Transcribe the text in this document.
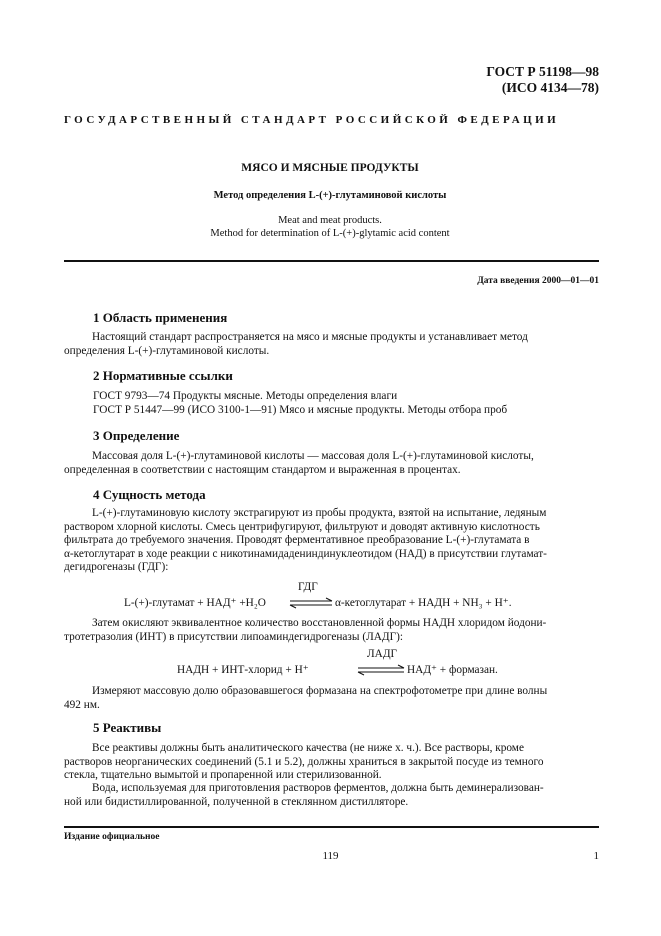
ГОСТ Р 51198—98
(ИСО 4134—78)
ГОСУДАРСТВЕННЫЙ СТАНДАРТ РОССИЙСКОЙ ФЕДЕРАЦИИ
МЯСО И МЯСНЫЕ ПРОДУКТЫ
Метод определения L-(+)-глутаминовой кислоты
Meat and meat products.
Method for determination of L-(+)-glytamic acid content
Дата введения 2000—01—01
1 Область применения
Настоящий стандарт распространяется на мясо и мясные продукты и устанавливает метод
определения L-(+)-глутаминовой кислоты.
2 Нормативные ссылки
ГОСТ 9793—74 Продукты мясные. Методы определения влаги
ГОСТ Р 51447—99 (ИСО 3100-1—91) Мясо и мясные продукты. Методы отбора проб
3 Определение
Массовая доля L-(+)-глутаминовой кислоты — массовая доля L-(+)-глутаминовой кислоты,
определенная в соответствии с настоящим стандартом и выраженная в процентах.
4 Сущность метода
L-(+)-глутаминовую кислоту экстрагируют из пробы продукта, взятой на испытание, ледяным
раствором хлорной кислоты. Смесь центрифугируют, фильтруют и доводят активную кислотность
фильтрата до требуемого значения. Проводят ферментативное преобразование L-(+)-глутамата в
α-кетоглутарат в ходе реакции с никотинамидадениндинуклеотидом (НАД) в присутствии глутамат-
дегидрогеназы (ГДГ):
ГДГ
L-(+)-глутамат + НАД⁺ +Н₂О ⇌ α-кетоглутарат + НАДН + NH₃ + Н⁺.
Затем окисляют эквивалентное количество восстановленной формы НАДН хлоридом йодони-
тротетразолия (ИНТ) в присутствии липоаминдегидрогеназы (ЛАДГ):
ЛАДГ
НАДН + ИНТ-хлорид + Н⁺	⇌ НАД⁺ + формазан.
Измеряют массовую долю образовавшегося формазана на спектрофотометре при длине волны
492 нм.
5 Реактивы
Все реактивы должны быть аналитического качества (не ниже х. ч.). Все растворы, кроме
растворов неорганических соединений (5.1 и 5.2), должны храниться в закрытой посуде из темного
стекла, тщательно вымытой и пропаренной или стерилизованной.
Вода, используемая для приготовления растворов ферментов, должна быть деминерализован-
ной или бидистиллированной, полученной в стеклянном дистилляторе.
Издание официальное
119	1
